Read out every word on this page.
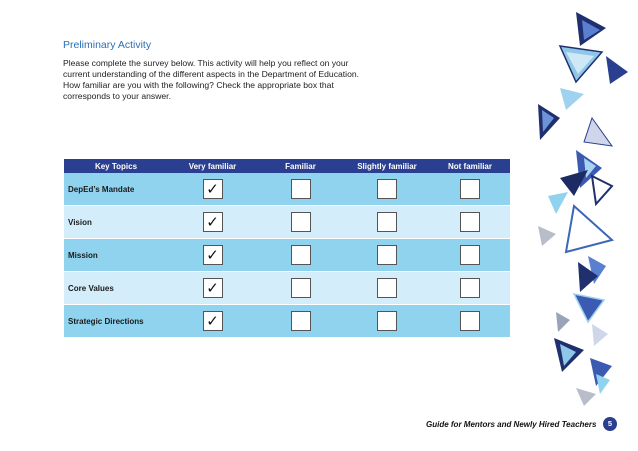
Preliminary Activity
Please complete the survey below. This activity will help you reflect on your current understanding of the different aspects in the Department of Education. How familiar are you with the following? Check the appropriate box that corresponds to your answer.
Key Topics	Very familiar	Familiar	Slightly familiar	Not familiar
DepEd’s Mandate	✓			
Vision	✓			
Mission	✓			
Core Values	✓			
Strategic Directions	✓			
Guide for Mentors and Newly Hired Teachers	5
